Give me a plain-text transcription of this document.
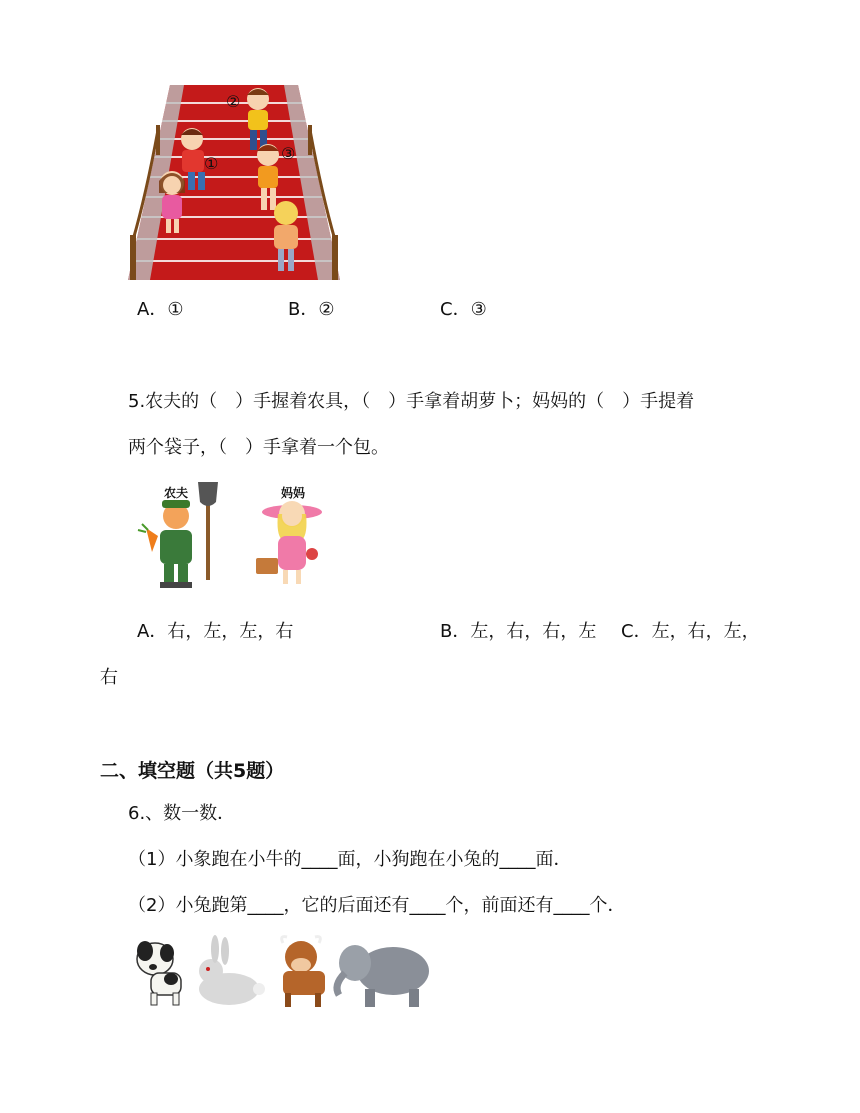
①
②
③
A．①	B．②	C．③
5.农夫的（　）手握着农具，（　）手拿着胡萝卜；妈妈的（　）手提着
两个袋子，（　）手拿着一个包。
农夫	妈妈
A．右，左，左，右	B．左，右，右，左 C．左，右，左，
右
二、填空题（共5题）
6.、数一数．
（1）小象跑在小牛的____面，小狗跑在小兔的____面．
（2）小兔跑第____，它的后面还有____个，前面还有____个．
